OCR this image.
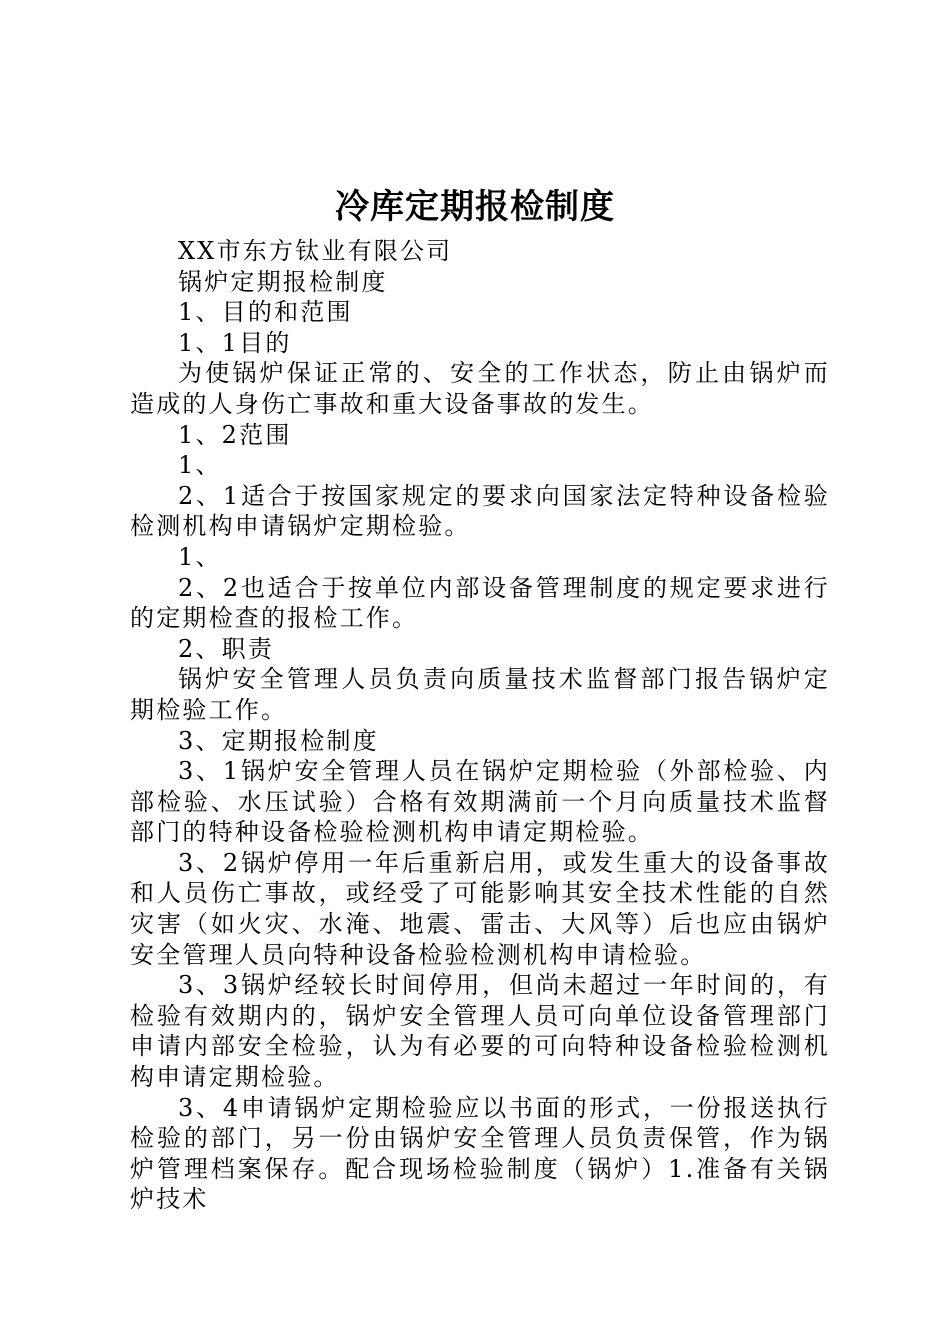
冷库定期报检制度

XX市东方钛业有限公司

锅炉定期报检制度

1、目的和范围

1、1目的

为使锅炉保证正常的、安全的工作状态，防止由锅炉而造成的人身伤亡事故和重大设备事故的发生。

1、2范围

1、

2、1适合于按国家规定的要求向国家法定特种设备检验检测机构申请锅炉定期检验。

1、

2、2也适合于按单位内部设备管理制度的规定要求进行的定期检查的报检工作。

2、职责

锅炉安全管理人员负责向质量技术监督部门报告锅炉定期检验工作。

3、定期报检制度

3、1锅炉安全管理人员在锅炉定期检验（外部检验、内部检验、水压试验）合格有效期满前一个月向质量技术监督部门的特种设备检验检测机构申请定期检验。

3、2锅炉停用一年后重新启用，或发生重大的设备事故和人员伤亡事故，或经受了可能影响其安全技术性能的自然灾害（如火灾、水淹、地震、雷击、大风等）后也应由锅炉安全管理人员向特种设备检验检测机构申请检验。

3、3锅炉经较长时间停用，但尚未超过一年时间的，有检验有效期内的，锅炉安全管理人员可向单位设备管理部门申请内部安全检验，认为有必要的可向特种设备检验检测机构申请定期检验。

3、4申请锅炉定期检验应以书面的形式，一份报送执行检验的部门，另一份由锅炉安全管理人员负责保管，作为锅炉管理档案保存。配合现场检验制度（锅炉）1.准备有关锅炉技术
